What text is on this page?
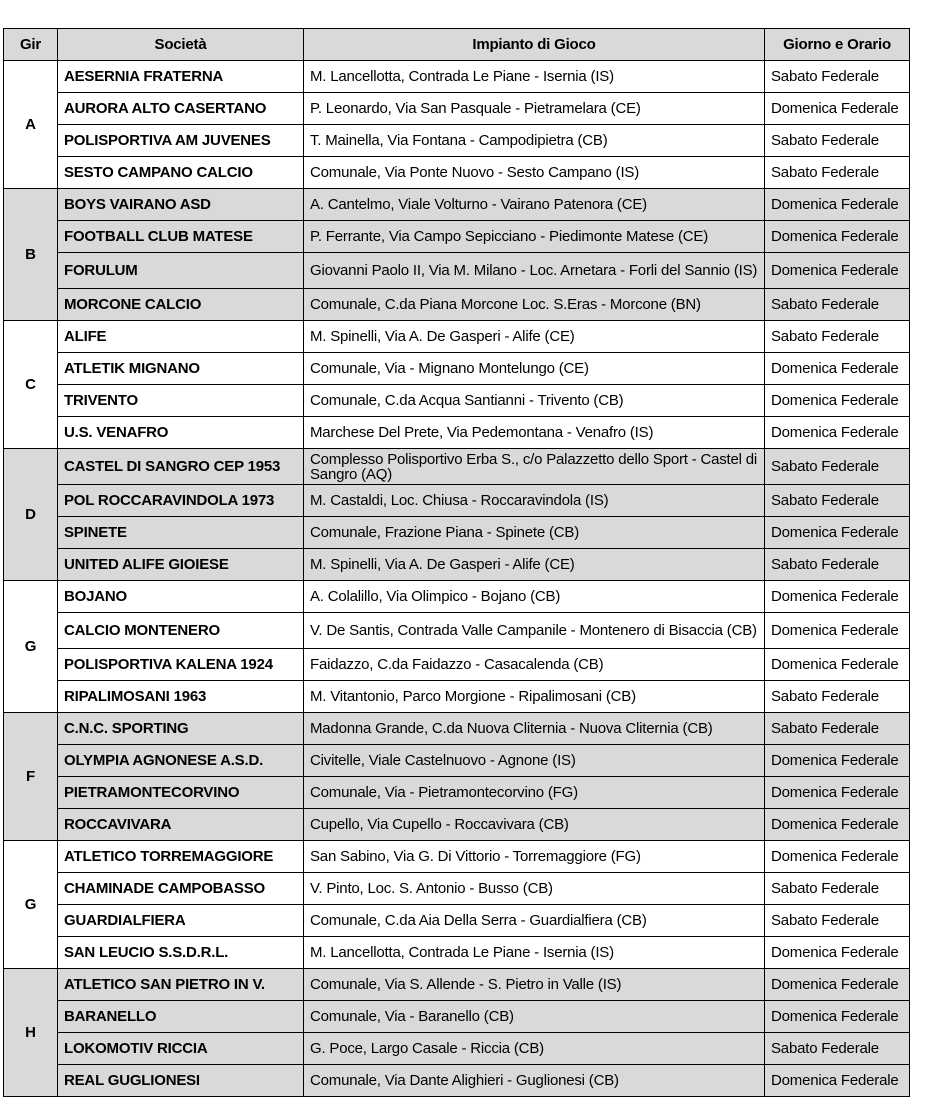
Gir	Società	Impianto di Gioco	Giorno e Orario
A	AESERNIA FRATERNA	M. Lancellotta, Contrada Le Piane - Isernia (IS)	Sabato Federale
	AURORA ALTO CASERTANO	P. Leonardo, Via San Pasquale - Pietramelara (CE)	Domenica Federale
	POLISPORTIVA AM JUVENES	T. Mainella, Via Fontana - Campodipietra (CB)	Sabato Federale
	SESTO CAMPANO CALCIO	Comunale, Via Ponte Nuovo - Sesto Campano (IS)	Sabato Federale
B	BOYS VAIRANO ASD	A. Cantelmo, Viale Volturno - Vairano Patenora (CE)	Domenica Federale
	FOOTBALL CLUB MATESE	P. Ferrante, Via Campo Sepicciano - Piedimonte Matese (CE)	Domenica Federale
	FORULUM	Giovanni Paolo II, Via M. Milano - Loc. Arnetara - Forli del Sannio (IS)	Domenica Federale
	MORCONE CALCIO	Comunale, C.da Piana Morcone Loc. S.Eras - Morcone (BN)	Sabato Federale
C	ALIFE	M. Spinelli, Via A. De Gasperi - Alife (CE)	Sabato Federale
	ATLETIK MIGNANO	Comunale, Via - Mignano Montelungo (CE)	Domenica Federale
	TRIVENTO	Comunale, C.da Acqua Santianni - Trivento (CB)	Domenica Federale
	U.S. VENAFRO	Marchese Del Prete, Via Pedemontana - Venafro (IS)	Domenica Federale
D	CASTEL DI SANGRO CEP 1953	Complesso Polisportivo Erba S., c/o Palazzetto dello Sport - Castel di Sangro (AQ)	Sabato Federale
	POL ROCCARAVINDOLA 1973	M. Castaldi, Loc. Chiusa - Roccaravindola (IS)	Sabato Federale
	SPINETE	Comunale, Frazione Piana - Spinete (CB)	Domenica Federale
	UNITED ALIFE GIOIESE	M. Spinelli, Via A. De Gasperi - Alife (CE)	Sabato Federale
G	BOJANO	A. Colalillo, Via Olimpico - Bojano (CB)	Domenica Federale
	CALCIO MONTENERO	V. De Santis, Contrada Valle Campanile - Montenero di Bisaccia (CB)	Domenica Federale
	POLISPORTIVA KALENA 1924	Faidazzo, C.da Faidazzo - Casacalenda (CB)	Domenica Federale
	RIPALIMOSANI 1963	M. Vitantonio, Parco Morgione - Ripalimosani (CB)	Sabato Federale
F	C.N.C. SPORTING	Madonna Grande, C.da Nuova Cliternia - Nuova Cliternia (CB)	Sabato Federale
	OLYMPIA AGNONESE A.S.D.	Civitelle, Viale Castelnuovo - Agnone (IS)	Domenica Federale
	PIETRAMONTECORVINO	Comunale, Via - Pietramontecorvino (FG)	Domenica Federale
	ROCCAVIVARA	Cupello, Via Cupello - Roccavivara (CB)	Domenica Federale
G	ATLETICO TORREMAGGIORE	San Sabino, Via G. Di Vittorio - Torremaggiore (FG)	Domenica Federale
	CHAMINADE CAMPOBASSO	V. Pinto, Loc. S. Antonio - Busso (CB)	Sabato Federale
	GUARDIALFIERA	Comunale, C.da Aia Della Serra - Guardialfiera (CB)	Sabato Federale
	SAN LEUCIO S.S.D.R.L.	M. Lancellotta, Contrada Le Piane - Isernia (IS)	Domenica Federale
H	ATLETICO SAN PIETRO IN V.	Comunale, Via S. Allende - S. Pietro in Valle (IS)	Domenica Federale
	BARANELLO	Comunale, Via - Baranello (CB)	Domenica Federale
	LOKOMOTIV RICCIA	G. Poce, Largo Casale - Riccia (CB)	Sabato Federale
	REAL GUGLIONESI	Comunale, Via Dante Alighieri - Guglionesi (CB)	Domenica Federale
